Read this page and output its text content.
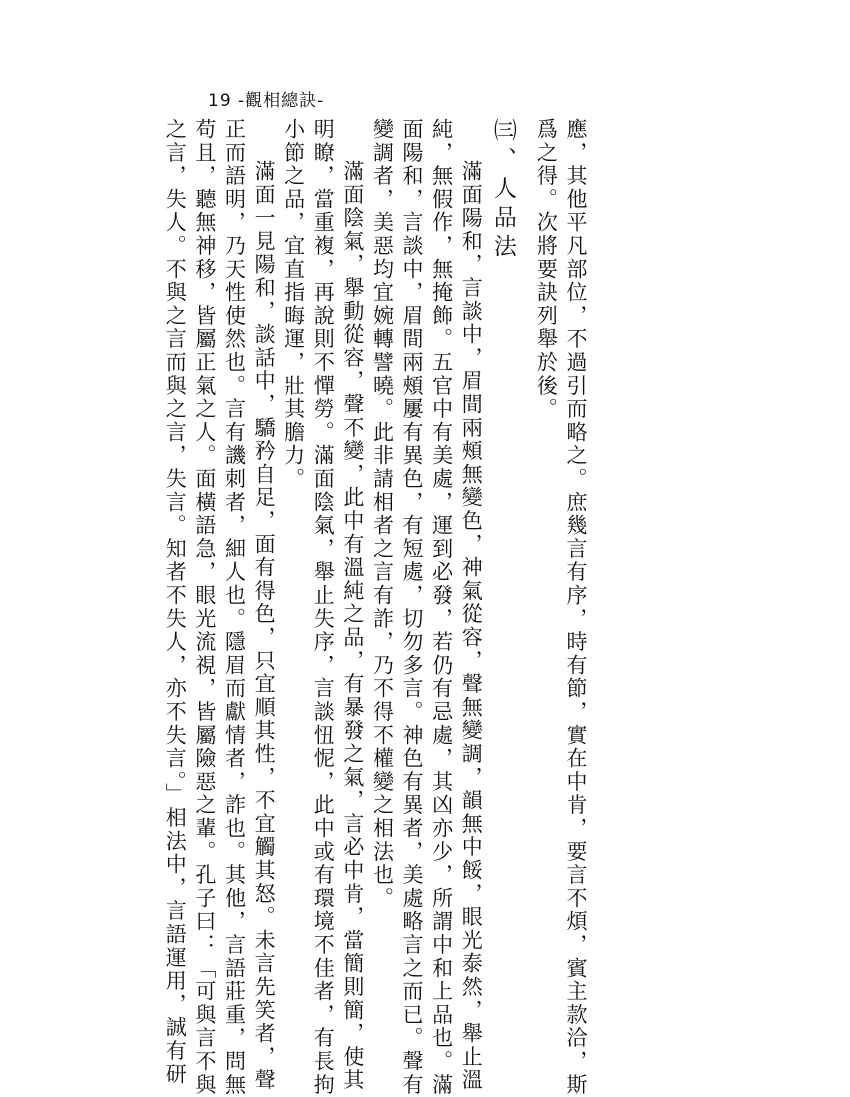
19 -觀相總訣-
應，其他平凡部位，不過引而略之。庶幾言有序，時有節，實在中肯，要言不煩，賓主款洽，斯
爲之得。次將要訣列舉於後。
㈢、人品法
滿面陽和，言談中，眉間兩頰無變色，神氣從容，聲無變調，韻無中餒，眼光泰然，舉止溫
純，無假作，無掩飾。五官中有美處，運到必發，若仍有忌處，其凶亦少，所謂中和上品也。滿
面陽和，言談中，眉間兩頰屢有異色，有短處，切勿多言。神色有異者，美處略言之而已。聲有
變調者，美惡均宜婉轉譬曉。此非請相者之言有詐，乃不得不權變之相法也。
滿面陰氣，舉動從容，聲不變，此中有溫純之品，有暴發之氣，言必中肯，當簡則簡，使其
明瞭，當重複，再說則不憚勞。滿面陰氣，舉止失序，言談忸怩，此中或有環境不佳者，有長拘
小節之品，宜直指晦運，壯其膽力。
滿面一見陽和，談話中，驕矜自足，面有得色，只宜順其性，不宜觸其怒。未言先笑者，聲
正而語明，乃天性使然也。言有譏刺者，細人也。隱眉而獻情者，詐也。其他，言語莊重，問無
苟且，聽無神移，皆屬正氣之人。面橫語急，眼光流視，皆屬險惡之輩。孔子曰：「可與言不與
之言，失人。不與之言而與之言，失言。知者不失人，亦不失言。」相法中，言語運用，誠有研
